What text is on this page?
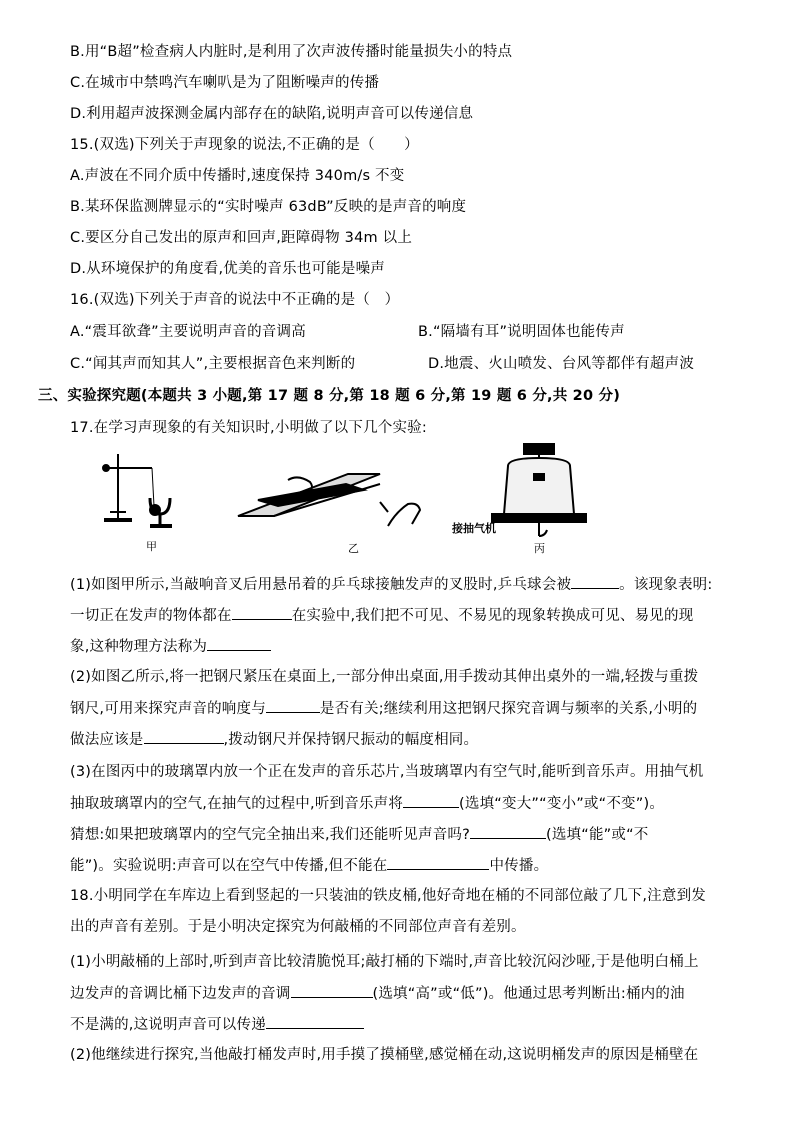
B.用“B超”检查病人内脏时,是利用了次声波传播时能量损失小的特点
C.在城市中禁鸣汽车喇叭是为了阻断噪声的传播
D.利用超声波探测金属内部存在的缺陷,说明声音可以传递信息
15.(双选)下列关于声现象的说法,不正确的是（　　）
A.声波在不同介质中传播时,速度保持 340m/s 不变
B.某环保监测牌显示的“实时噪声 63dB”反映的是声音的响度
C.要区分自己发出的原声和回声,距障碍物 34m 以上
D.从环境保护的角度看,优美的音乐也可能是噪声
16.(双选)下列关于声音的说法中不正确的是（　）
A.“震耳欲聋”主要说明声音的音调高	B.“隔墙有耳”说明固体也能传声
C.“闻其声而知其人”,主要根据音色来判断的	D.地震、火山喷发、台风等都伴有超声波
三、实验探究题(本题共 3 小题,第 17 题 8 分,第 18 题 6 分,第 19 题 6 分,共 20 分)
17.在学习声现象的有关知识时,小明做了以下几个实验:
甲	乙
接抽气机
丙
(1)如图甲所示,当敲响音叉后用悬吊着的乒乓球接触发声的叉股时,乒乓球会被	。该现象表明:
一切正在发声的物体都在	在实验中,我们把不可见、不易见的现象转换成可见、易见的现
象,这种物理方法称为
(2)如图乙所示,将一把钢尺紧压在桌面上,一部分伸出桌面,用手拨动其伸出桌外的一端,轻拨与重拨
钢尺,可用来探究声音的响度与	是否有关;继续利用这把钢尺探究音调与频率的关系,小明的
做法应该是	,拨动钢尺并保持钢尺振动的幅度相同。
(3)在图丙中的玻璃罩内放一个正在发声的音乐芯片,当玻璃罩内有空气时,能听到音乐声。用抽气机
抽取玻璃罩内的空气,在抽气的过程中,听到音乐声将	(选填“变大”“变小”或“不变”)。
猜想:如果把玻璃罩内的空气完全抽出来,我们还能听见声音吗?	(选填“能”或“不
能”)。实验说明:声音可以在空气中传播,但不能在	中传播。
18.小明同学在车库边上看到竖起的一只装油的铁皮桶,他好奇地在桶的不同部位敲了几下,注意到发
出的声音有差别。于是小明决定探究为何敲桶的不同部位声音有差别。
(1)小明敲桶的上部时,听到声音比较清脆悦耳;敲打桶的下端时,声音比较沉闷沙哑,于是他明白桶上
边发声的音调比桶下边发声的音调	(选填“高”或“低”)。他通过思考判断出:桶内的油
不是满的,这说明声音可以传递
(2)他继续进行探究,当他敲打桶发声时,用手摸了摸桶壁,感觉桶在动,这说明桶发声的原因是桶壁在
